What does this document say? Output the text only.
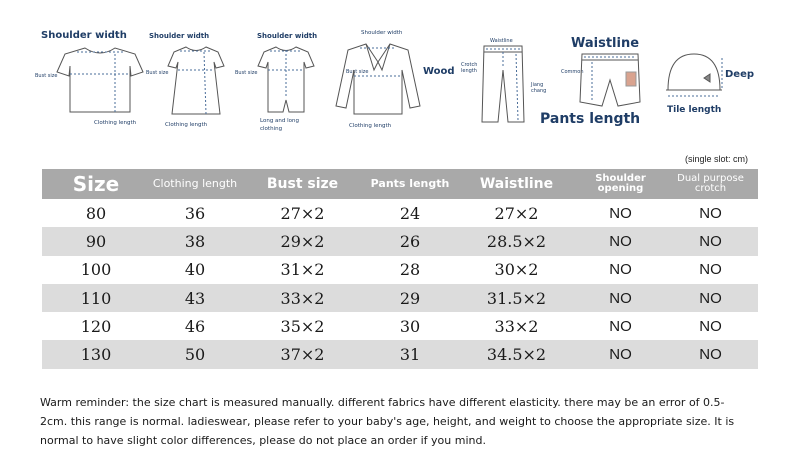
Shoulder width
Bust size
Clothing length
Shoulder width
Bust size
Clothing length
Shoulder width
Bust size
Long and long clothing
Shoulder width
Bust size
Clothing length
Wood
Waistline
Crotch length
Jiang chang
Waistline
Common
Pants length
Deep
Tile length
(single slot: cm)
Size	Clothing length	Bust size	Pants length	Waistline	Shoulder opening	Dual purpose crotch
80	36	27×2	24	27×2	NO	NO
90	38	29×2	26	28.5×2	NO	NO
100	40	31×2	28	30×2	NO	NO
110	43	33×2	29	31.5×2	NO	NO
120	46	35×2	30	33×2	NO	NO
130	50	37×2	31	34.5×2	NO	NO
Warm reminder: the size chart is measured manually. different fabrics have different elasticity. there may be an error of 0.5-2cm. this range is normal. ladieswear, please refer to your baby's age, height, and weight to choose the appropriate size. It is normal to have slight color differences, please do not place an order if you mind.
